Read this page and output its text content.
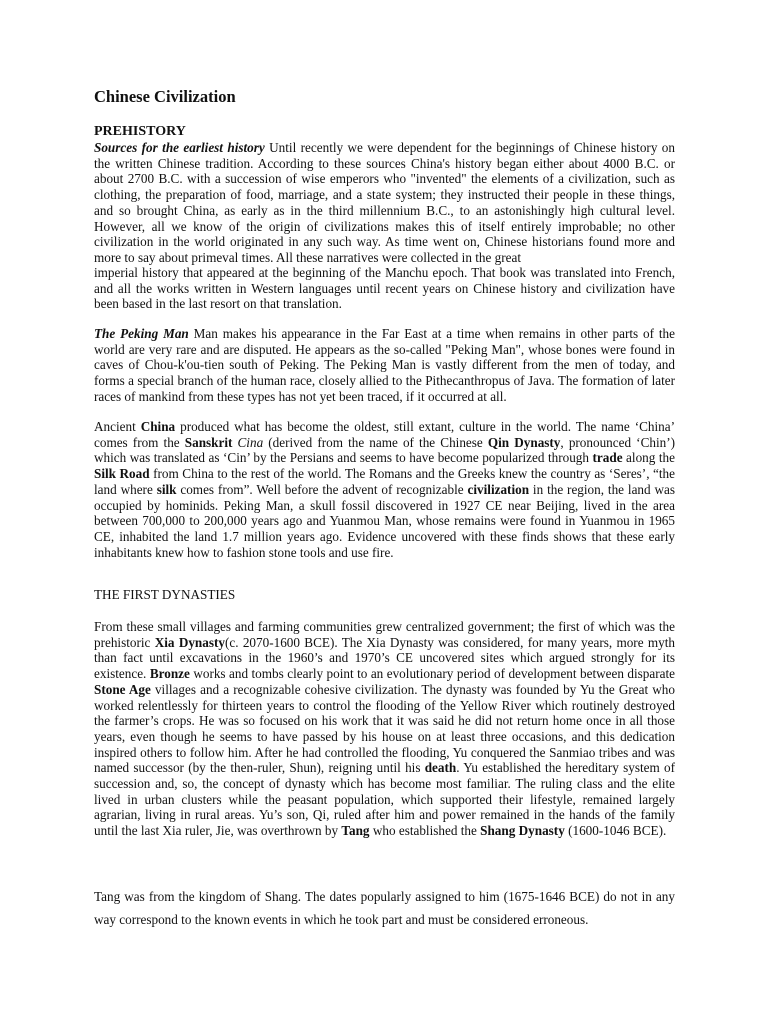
Chinese Civilization
PREHISTORY

Sources for the earliest history Until recently we were dependent for the beginnings of Chinese history on the written Chinese tradition. According to these sources China's history began either about 4000 B.C. or about 2700 B.C. with a succession of wise emperors who "invented" the elements of a civilization, such as clothing, the preparation of food, marriage, and a state system; they instructed their people in these things, and so brought China, as early as in the third millennium B.C., to an astonishingly high cultural level. However, all we know of the origin of civilizations makes this of itself entirely improbable; no other civilization in the world originated in any such way. As time went on, Chinese historians found more and more to say about primeval times. All these narratives were collected in the great

imperial history that appeared at the beginning of the Manchu epoch. That book was translated into French, and all the works written in Western languages until recent years on Chinese history and civilization have been based in the last resort on that translation.

The Peking Man Man makes his appearance in the Far East at a time when remains in other parts of the world are very rare and are disputed. He appears as the so-called "Peking Man", whose bones were found in caves of Chou-k'ou-tien south of Peking. The Peking Man is vastly different from the men of today, and forms a special branch of the human race, closely allied to the Pithecanthropus of Java. The formation of later races of mankind from these types has not yet been traced, if it occurred at all.

Ancient China produced what has become the oldest, still extant, culture in the world. The name ‘China’ comes from the Sanskrit Cina (derived from the name of the Chinese Qin Dynasty, pronounced ‘Chin’) which was translated as ‘Cin’ by the Persians and seems to have become popularized through trade along the Silk Road from China to the rest of the world. The Romans and the Greeks knew the country as ‘Seres’, “the land where silk comes from”. Well before the advent of recognizable civilization in the region, the land was occupied by hominids. Peking Man, a skull fossil discovered in 1927 CE near Beijing, lived in the area between 700,000 to 200,000 years ago and Yuanmou Man, whose remains were found in Yuanmou in 1965 CE, inhabited the land 1.7 million years ago. Evidence uncovered with these finds shows that these early inhabitants knew how to fashion stone tools and use fire.

THE FIRST DYNASTIES

From these small villages and farming communities grew centralized government; the first of which was the prehistoric Xia Dynasty(c. 2070-1600 BCE). The Xia Dynasty was considered, for many years, more myth than fact until excavations in the 1960’s and 1970’s CE uncovered sites which argued strongly for its existence. Bronze works and tombs clearly point to an evolutionary period of development between disparate Stone Age villages and a recognizable cohesive civilization. The dynasty was founded by Yu the Great who worked relentlessly for thirteen years to control the flooding of the Yellow River which routinely destroyed the farmer’s crops. He was so focused on his work that it was said he did not return home once in all those years, even though he seems to have passed by his house on at least three occasions, and this dedication inspired others to follow him. After he had controlled the flooding, Yu conquered the Sanmiao tribes and was named successor (by the then-ruler, Shun), reigning until his death. Yu established the hereditary system of succession and, so, the concept of dynasty which has become most familiar. The ruling class and the elite lived in urban clusters while the peasant population, which supported their lifestyle, remained largely agrarian, living in rural areas. Yu’s son, Qi, ruled after him and power remained in the hands of the family until the last Xia ruler, Jie, was overthrown by Tang who established the Shang Dynasty (1600-1046 BCE).

Tang was from the kingdom of Shang. The dates popularly assigned to him (1675-1646 BCE) do not in any way correspond to the known events in which he took part and must be considered erroneous.
